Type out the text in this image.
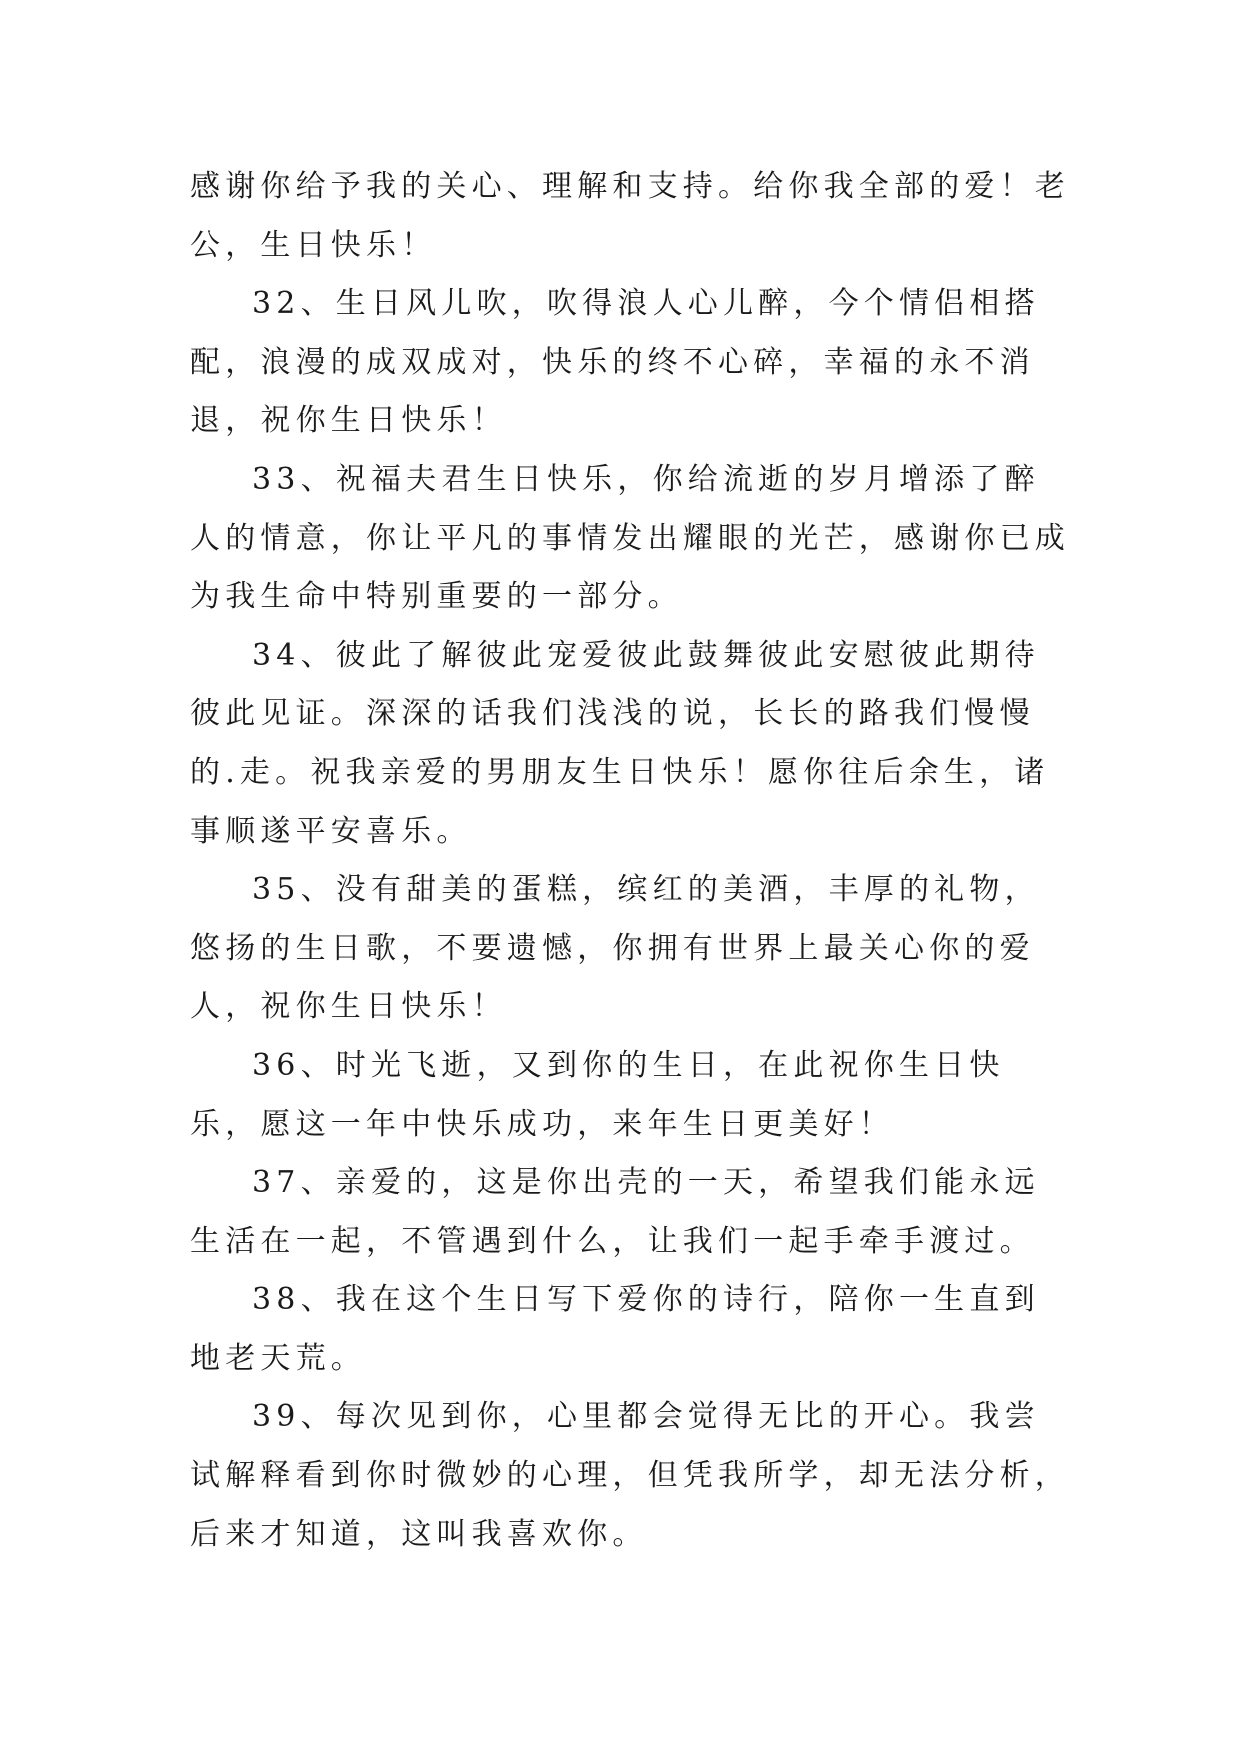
感谢你给予我的关心、理解和支持。给你我全部的爱！老公，生日快乐！

32、生日风儿吹，吹得浪人心儿醉，今个情侣相搭配，浪漫的成双成对，快乐的终不心碎，幸福的永不消退，祝你生日快乐！

33、祝福夫君生日快乐，你给流逝的岁月增添了醉人的情意，你让平凡的事情发出耀眼的光芒，感谢你已成为我生命中特别重要的一部分。

34、彼此了解彼此宠爱彼此鼓舞彼此安慰彼此期待彼此见证。深深的话我们浅浅的说，长长的路我们慢慢的.走。祝我亲爱的男朋友生日快乐！愿你往后余生，诸事顺遂平安喜乐。

35、没有甜美的蛋糕，缤红的美酒，丰厚的礼物，悠扬的生日歌，不要遗憾，你拥有世界上最关心你的爱人，祝你生日快乐！

36、时光飞逝，又到你的生日，在此祝你生日快乐，愿这一年中快乐成功，来年生日更美好！

37、亲爱的，这是你出壳的一天，希望我们能永远生活在一起，不管遇到什么，让我们一起手牵手渡过。

38、我在这个生日写下爱你的诗行，陪你一生直到地老天荒。

39、每次见到你，心里都会觉得无比的开心。我尝试解释看到你时微妙的心理，但凭我所学，却无法分析，后来才知道，这叫我喜欢你。
